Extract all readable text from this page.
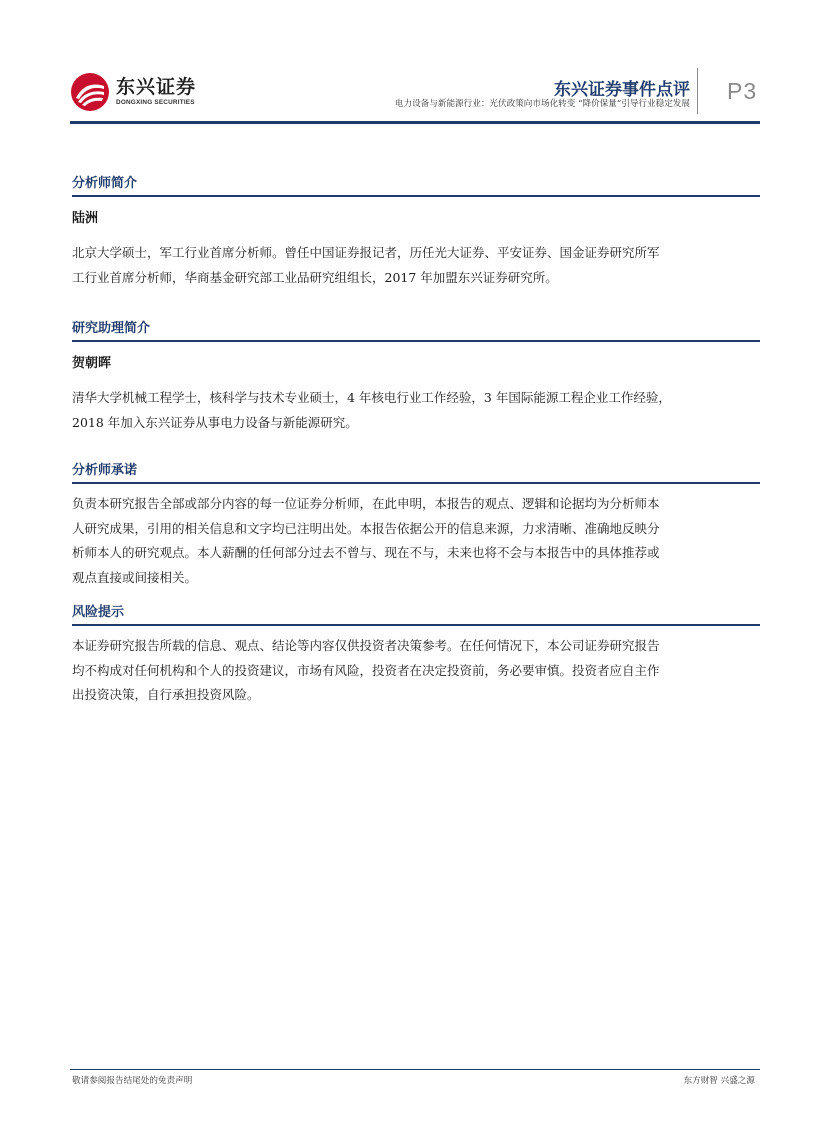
东兴证券
DONGXING SECURITIES
东兴证券事件点评
电力设备与新能源行业：光伏政策向市场化转变 “降价保量”引导行业稳定发展 P3
分析师简介
陆洲
北京大学硕士，军工行业首席分析师。曾任中国证券报记者，历任光大证券、平安证券、国金证券研究所军
工行业首席分析师，华商基金研究部工业品研究组组长，2017 年加盟东兴证券研究所。
研究助理简介
贺朝晖
清华大学机械工程学士，核科学与技术专业硕士，4 年核电行业工作经验，3 年国际能源工程企业工作经验，
2018 年加入东兴证券从事电力设备与新能源研究。
分析师承诺
负责本研究报告全部或部分内容的每一位证券分析师，在此申明，本报告的观点、逻辑和论据均为分析师本
人研究成果，引用的相关信息和文字均已注明出处。本报告依据公开的信息来源，力求清晰、准确地反映分
析师本人的研究观点。本人薪酬的任何部分过去不曾与、现在不与，未来也将不会与本报告中的具体推荐或
观点直接或间接相关。
风险提示
本证券研究报告所载的信息、观点、结论等内容仅供投资者决策参考。在任何情况下，本公司证券研究报告
均不构成对任何机构和个人的投资建议，市场有风险，投资者在决定投资前，务必要审慎。投资者应自主作
出投资决策，自行承担投资风险。
敬请参阅报告结尾处的免责声明	东方财智 兴盛之源
